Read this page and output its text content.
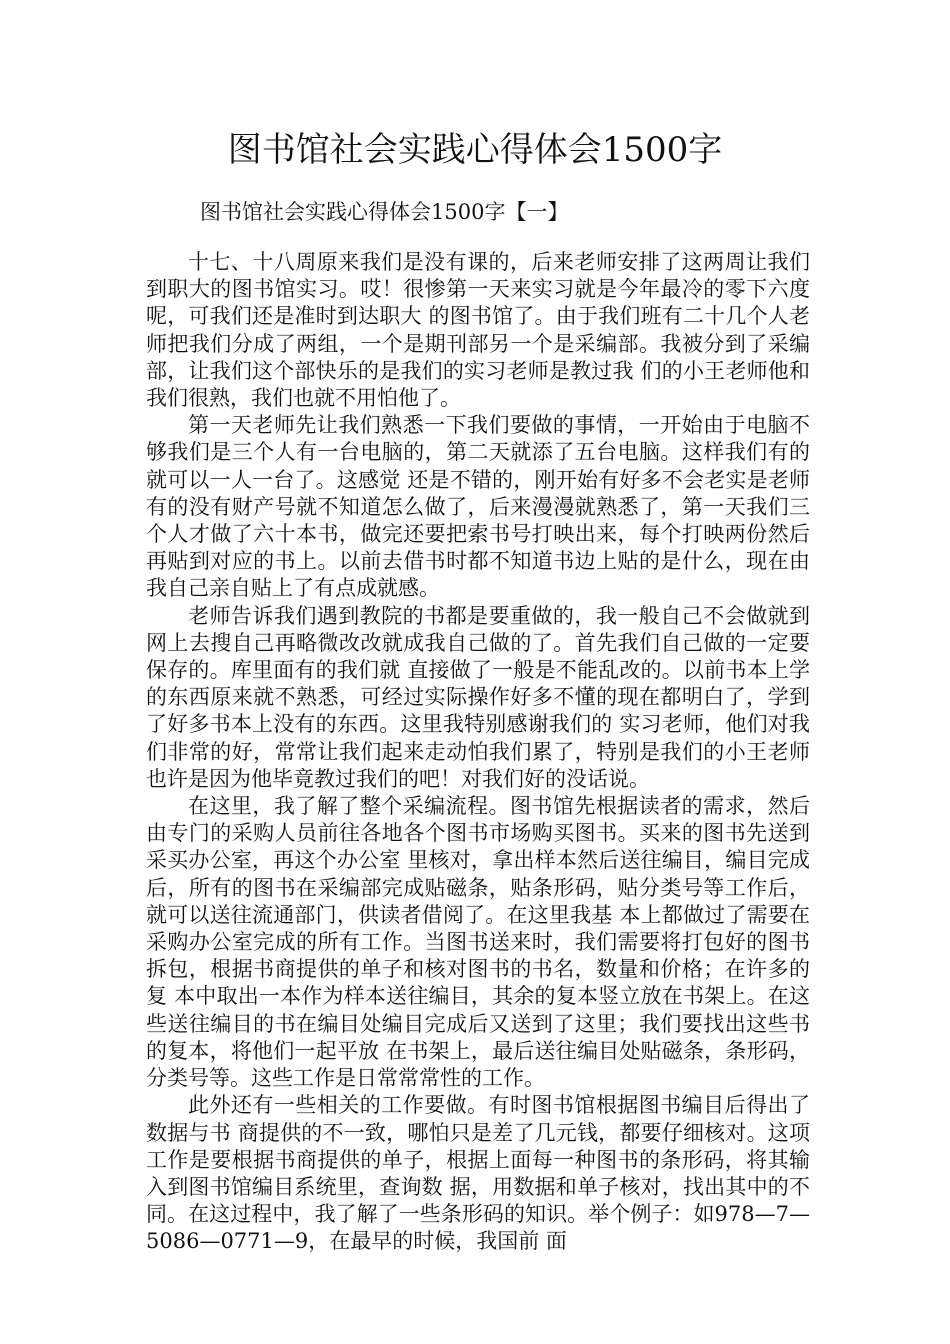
图书馆社会实践心得体会1500字
图书馆社会实践心得体会1500字【一】

十七、十八周原来我们是没有课的，后来老师安排了这两周让我们到职大的图书馆实习。哎！很惨第一天来实习就是今年最冷的零下六度呢，可我们还是准时到达职大 的图书馆了。由于我们班有二十几个人老师把我们分成了两组，一个是期刊部另一个是采编部。我被分到了采编部，让我们这个部快乐的是我们的实习老师是教过我 们的小王老师他和我们很熟，我们也就不用怕他了。

第一天老师先让我们熟悉一下我们要做的事情，一开始由于电脑不够我们是三个人有一台电脑的，第二天就添了五台电脑。这样我们有的就可以一人一台了。这感觉 还是不错的，刚开始有好多不会老实是老师有的没有财产号就不知道怎么做了，后来漫漫就熟悉了，第一天我们三个人才做了六十本书，做完还要把索书号打映出来，每个打映两份然后再贴到对应的书上。以前去借书时都不知道书边上贴的是什么，现在由我自己亲自贴上了有点成就感。

老师告诉我们遇到教院的书都是要重做的，我一般自己不会做就到网上去搜自己再略微改改就成我自己做的了。首先我们自己做的一定要保存的。库里面有的我们就 直接做了一般是不能乱改的。以前书本上学的东西原来就不熟悉，可经过实际操作好多不懂的现在都明白了，学到了好多书本上没有的东西。这里我特别感谢我们的 实习老师，他们对我们非常的好，常常让我们起来走动怕我们累了，特别是我们的小王老师也许是因为他毕竟教过我们的吧！对我们好的没话说。

在这里，我了解了整个采编流程。图书馆先根据读者的需求，然后由专门的采购人员前往各地各个图书市场购买图书。买来的图书先送到采买办公室，再这个办公室 里核对，拿出样本然后送往编目，编目完成后，所有的图书在采编部完成贴磁条，贴条形码，贴分类号等工作后，就可以送往流通部门，供读者借阅了。在这里我基 本上都做过了需要在采购办公室完成的所有工作。当图书送来时，我们需要将打包好的图书拆包，根据书商提供的单子和核对图书的书名，数量和价格；在许多的复 本中取出一本作为样本送往编目，其余的复本竖立放在书架上。在这些送往编目的书在编目处编目完成后又送到了这里；我们要找出这些书的复本，将他们一起平放 在书架上，最后送往编目处贴磁条，条形码，分类号等。这些工作是日常常常性的工作。

此外还有一些相关的工作要做。有时图书馆根据图书编目后得出了数据与书 商提供的不一致，哪怕只是差了几元钱，都要仔细核对。这项工作是要根据书商提供的单子，根据上面每一种图书的条形码，将其输入到图书馆编目系统里，查询数 据，用数据和单子核对，找出其中的不同。在这过程中，我了解了一些条形码的知识。举个例子：如978—7—5086—0771—9，在最早的时候，我国前 面
